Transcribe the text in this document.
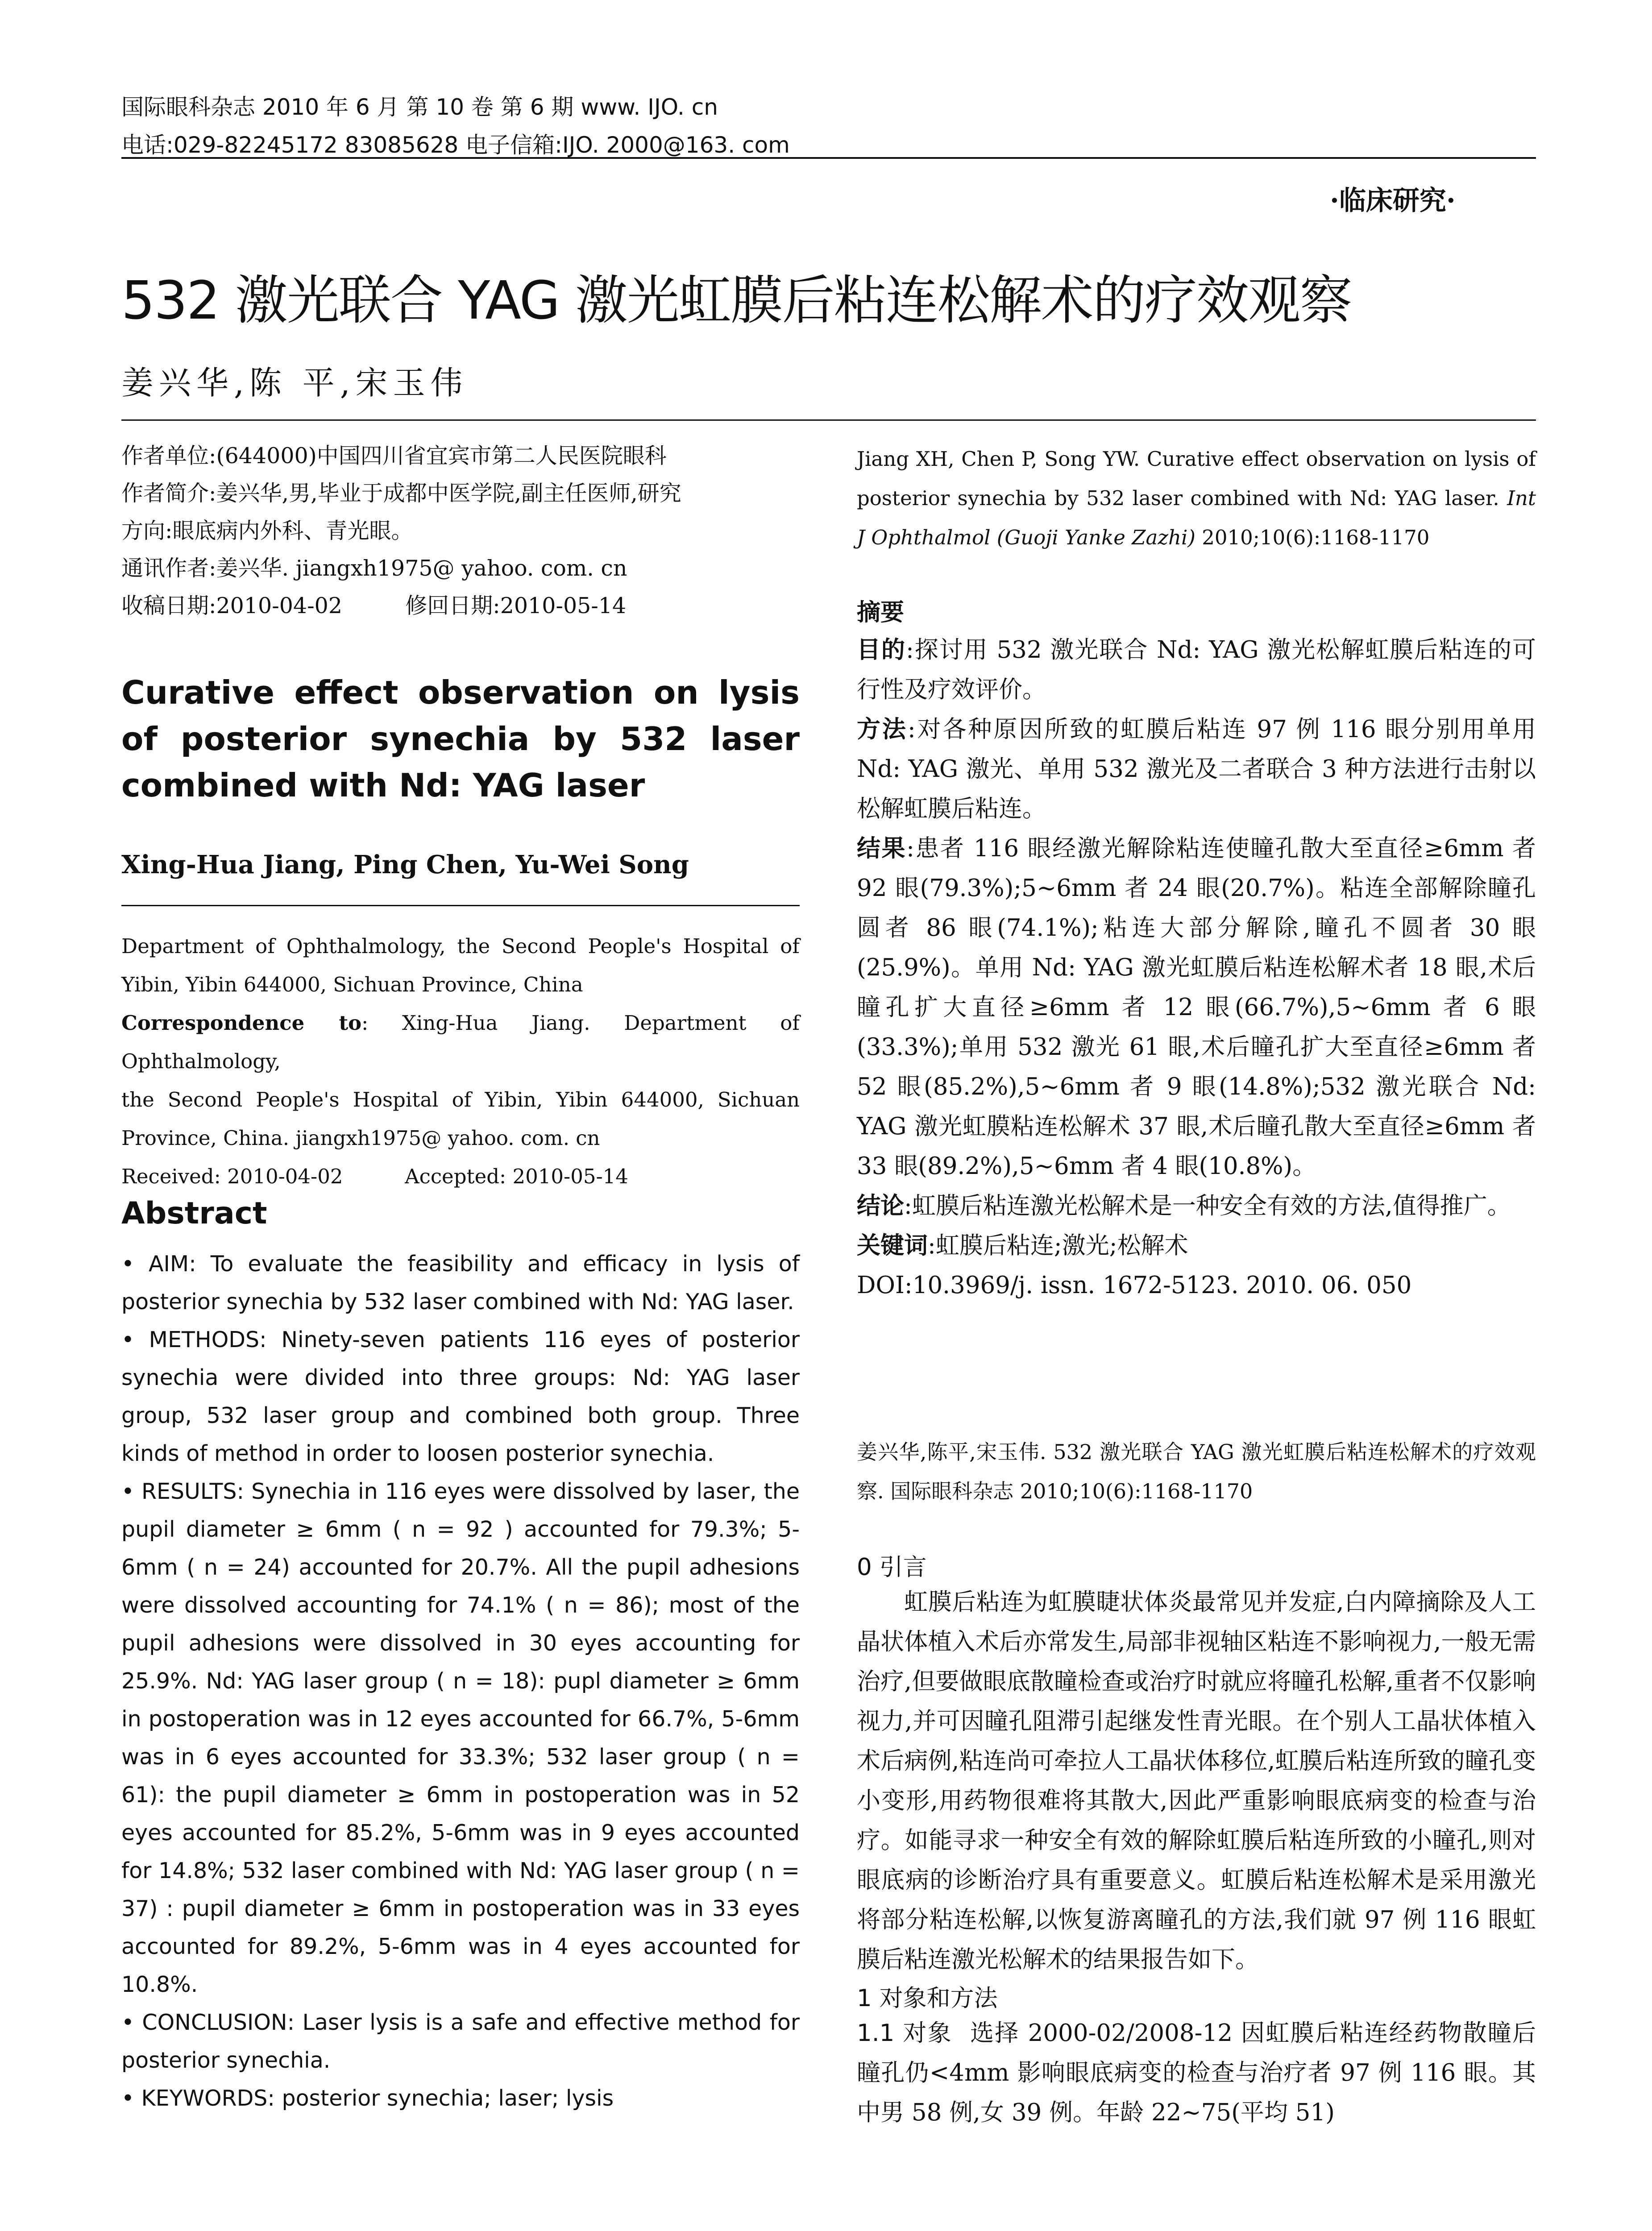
国际眼科杂志 2010 年 6 月 第 10 卷 第 6 期 www. IJO. cn
电话:029-82245172 83085628 电子信箱:IJO. 2000@163. com
·临床研究·
532 激光联合 YAG 激光虹膜后粘连松解术的疗效观察
姜兴华,陈 平,宋玉伟
作者单位:(644000)中国四川省宜宾市第二人民医院眼科
作者简介:姜兴华,男,毕业于成都中医学院,副主任医师,研究
方向:眼底病内外科、青光眼。
通讯作者:姜兴华. jiangxh1975@ yahoo. com. cn
收稿日期:2010-04-02	修回日期:2010-05-14
Curative effect observation on lysis of posterior synechia by 532 laser combined with Nd: YAG laser
Xing-Hua Jiang, Ping Chen, Yu-Wei Song
Department of Ophthalmology, the Second People's Hospital of
Yibin, Yibin 644000, Sichuan Province, China
Correspondence to: Xing-Hua Jiang. Department of Ophthalmology,
the Second People's Hospital of Yibin, Yibin 644000, Sichuan
Province, China. jiangxh1975@ yahoo. com. cn
Received: 2010-04-02	Accepted: 2010-05-14
Abstract
• AIM: To evaluate the feasibility and efficacy in lysis of posterior synechia by 532 laser combined with Nd: YAG laser.
• METHODS: Ninety-seven patients 116 eyes of posterior synechia were divided into three groups: Nd: YAG laser group, 532 laser group and combined both group. Three kinds of method in order to loosen posterior synechia.
• RESULTS: Synechia in 116 eyes were dissolved by laser, the pupil diameter ≥ 6mm ( n = 92 ) accounted for 79.3%; 5-6mm ( n = 24) accounted for 20.7%. All the pupil adhesions were dissolved accounting for 74.1% ( n = 86); most of the pupil adhesions were dissolved in 30 eyes accounting for 25.9%. Nd: YAG laser group ( n = 18): pupl diameter ≥ 6mm in postoperation was in 12 eyes accounted for 66.7%, 5-6mm was in 6 eyes accounted for 33.3%; 532 laser group ( n = 61): the pupil diameter ≥ 6mm in postoperation was in 52 eyes accounted for 85.2%, 5-6mm was in 9 eyes accounted for 14.8%; 532 laser combined with Nd: YAG laser group ( n = 37) : pupil diameter ≥ 6mm in postoperation was in 33 eyes accounted for 89.2%, 5-6mm was in 4 eyes accounted for 10.8%.
• CONCLUSION: Laser lysis is a safe and effective method for posterior synechia.
• KEYWORDS: posterior synechia; laser; lysis
Jiang XH, Chen P, Song YW. Curative effect observation on lysis of posterior synechia by 532 laser combined with Nd: YAG laser. Int J Ophthalmol (Guoji Yanke Zazhi) 2010;10(6):1168-1170
摘要
目的:探讨用 532 激光联合 Nd: YAG 激光松解虹膜后粘连的可行性及疗效评价。
方法:对各种原因所致的虹膜后粘连 97 例 116 眼分别用单用 Nd: YAG 激光、单用 532 激光及二者联合 3 种方法进行击射以松解虹膜后粘连。
结果:患者 116 眼经激光解除粘连使瞳孔散大至直径≥6mm 者 92 眼(79.3%);5~6mm 者 24 眼(20.7%)。粘连全部解除瞳孔圆者 86 眼(74.1%);粘连大部分解除,瞳孔不圆者 30 眼(25.9%)。单用 Nd: YAG 激光虹膜后粘连松解术者 18 眼,术后瞳孔扩大直径≥6mm 者 12 眼(66.7%),5~6mm 者 6 眼(33.3%);单用 532 激光 61 眼,术后瞳孔扩大至直径≥6mm 者 52 眼(85.2%),5~6mm 者 9 眼(14.8%);532 激光联合 Nd: YAG 激光虹膜粘连松解术 37 眼,术后瞳孔散大至直径≥6mm 者 33 眼(89.2%),5~6mm 者 4 眼(10.8%)。
结论:虹膜后粘连激光松解术是一种安全有效的方法,值得推广。
关键词:虹膜后粘连;激光;松解术
DOI:10.3969/j. issn. 1672-5123. 2010. 06. 050
姜兴华,陈平,宋玉伟. 532 激光联合 YAG 激光虹膜后粘连松解术的疗效观察. 国际眼科杂志 2010;10(6):1168-1170
0 引言
虹膜后粘连为虹膜睫状体炎最常见并发症,白内障摘除及人工晶状体植入术后亦常发生,局部非视轴区粘连不影响视力,一般无需治疗,但要做眼底散瞳检查或治疗时就应将瞳孔松解,重者不仅影响视力,并可因瞳孔阻滞引起继发性青光眼。在个别人工晶状体植入术后病例,粘连尚可牵拉人工晶状体移位,虹膜后粘连所致的瞳孔变小变形,用药物很难将其散大,因此严重影响眼底病变的检查与治疗。如能寻求一种安全有效的解除虹膜后粘连所致的小瞳孔,则对眼底病的诊断治疗具有重要意义。虹膜后粘连松解术是采用激光将部分粘连松解,以恢复游离瞳孔的方法,我们就 97 例 116 眼虹膜后粘连激光松解术的结果报告如下。
1 对象和方法
1.1 对象 选择 2000-02/2008-12 因虹膜后粘连经药物散瞳后瞳孔仍<4mm 影响眼底病变的检查与治疗者 97 例 116 眼。其中男 58 例,女 39 例。年龄 22~75(平均 51)
